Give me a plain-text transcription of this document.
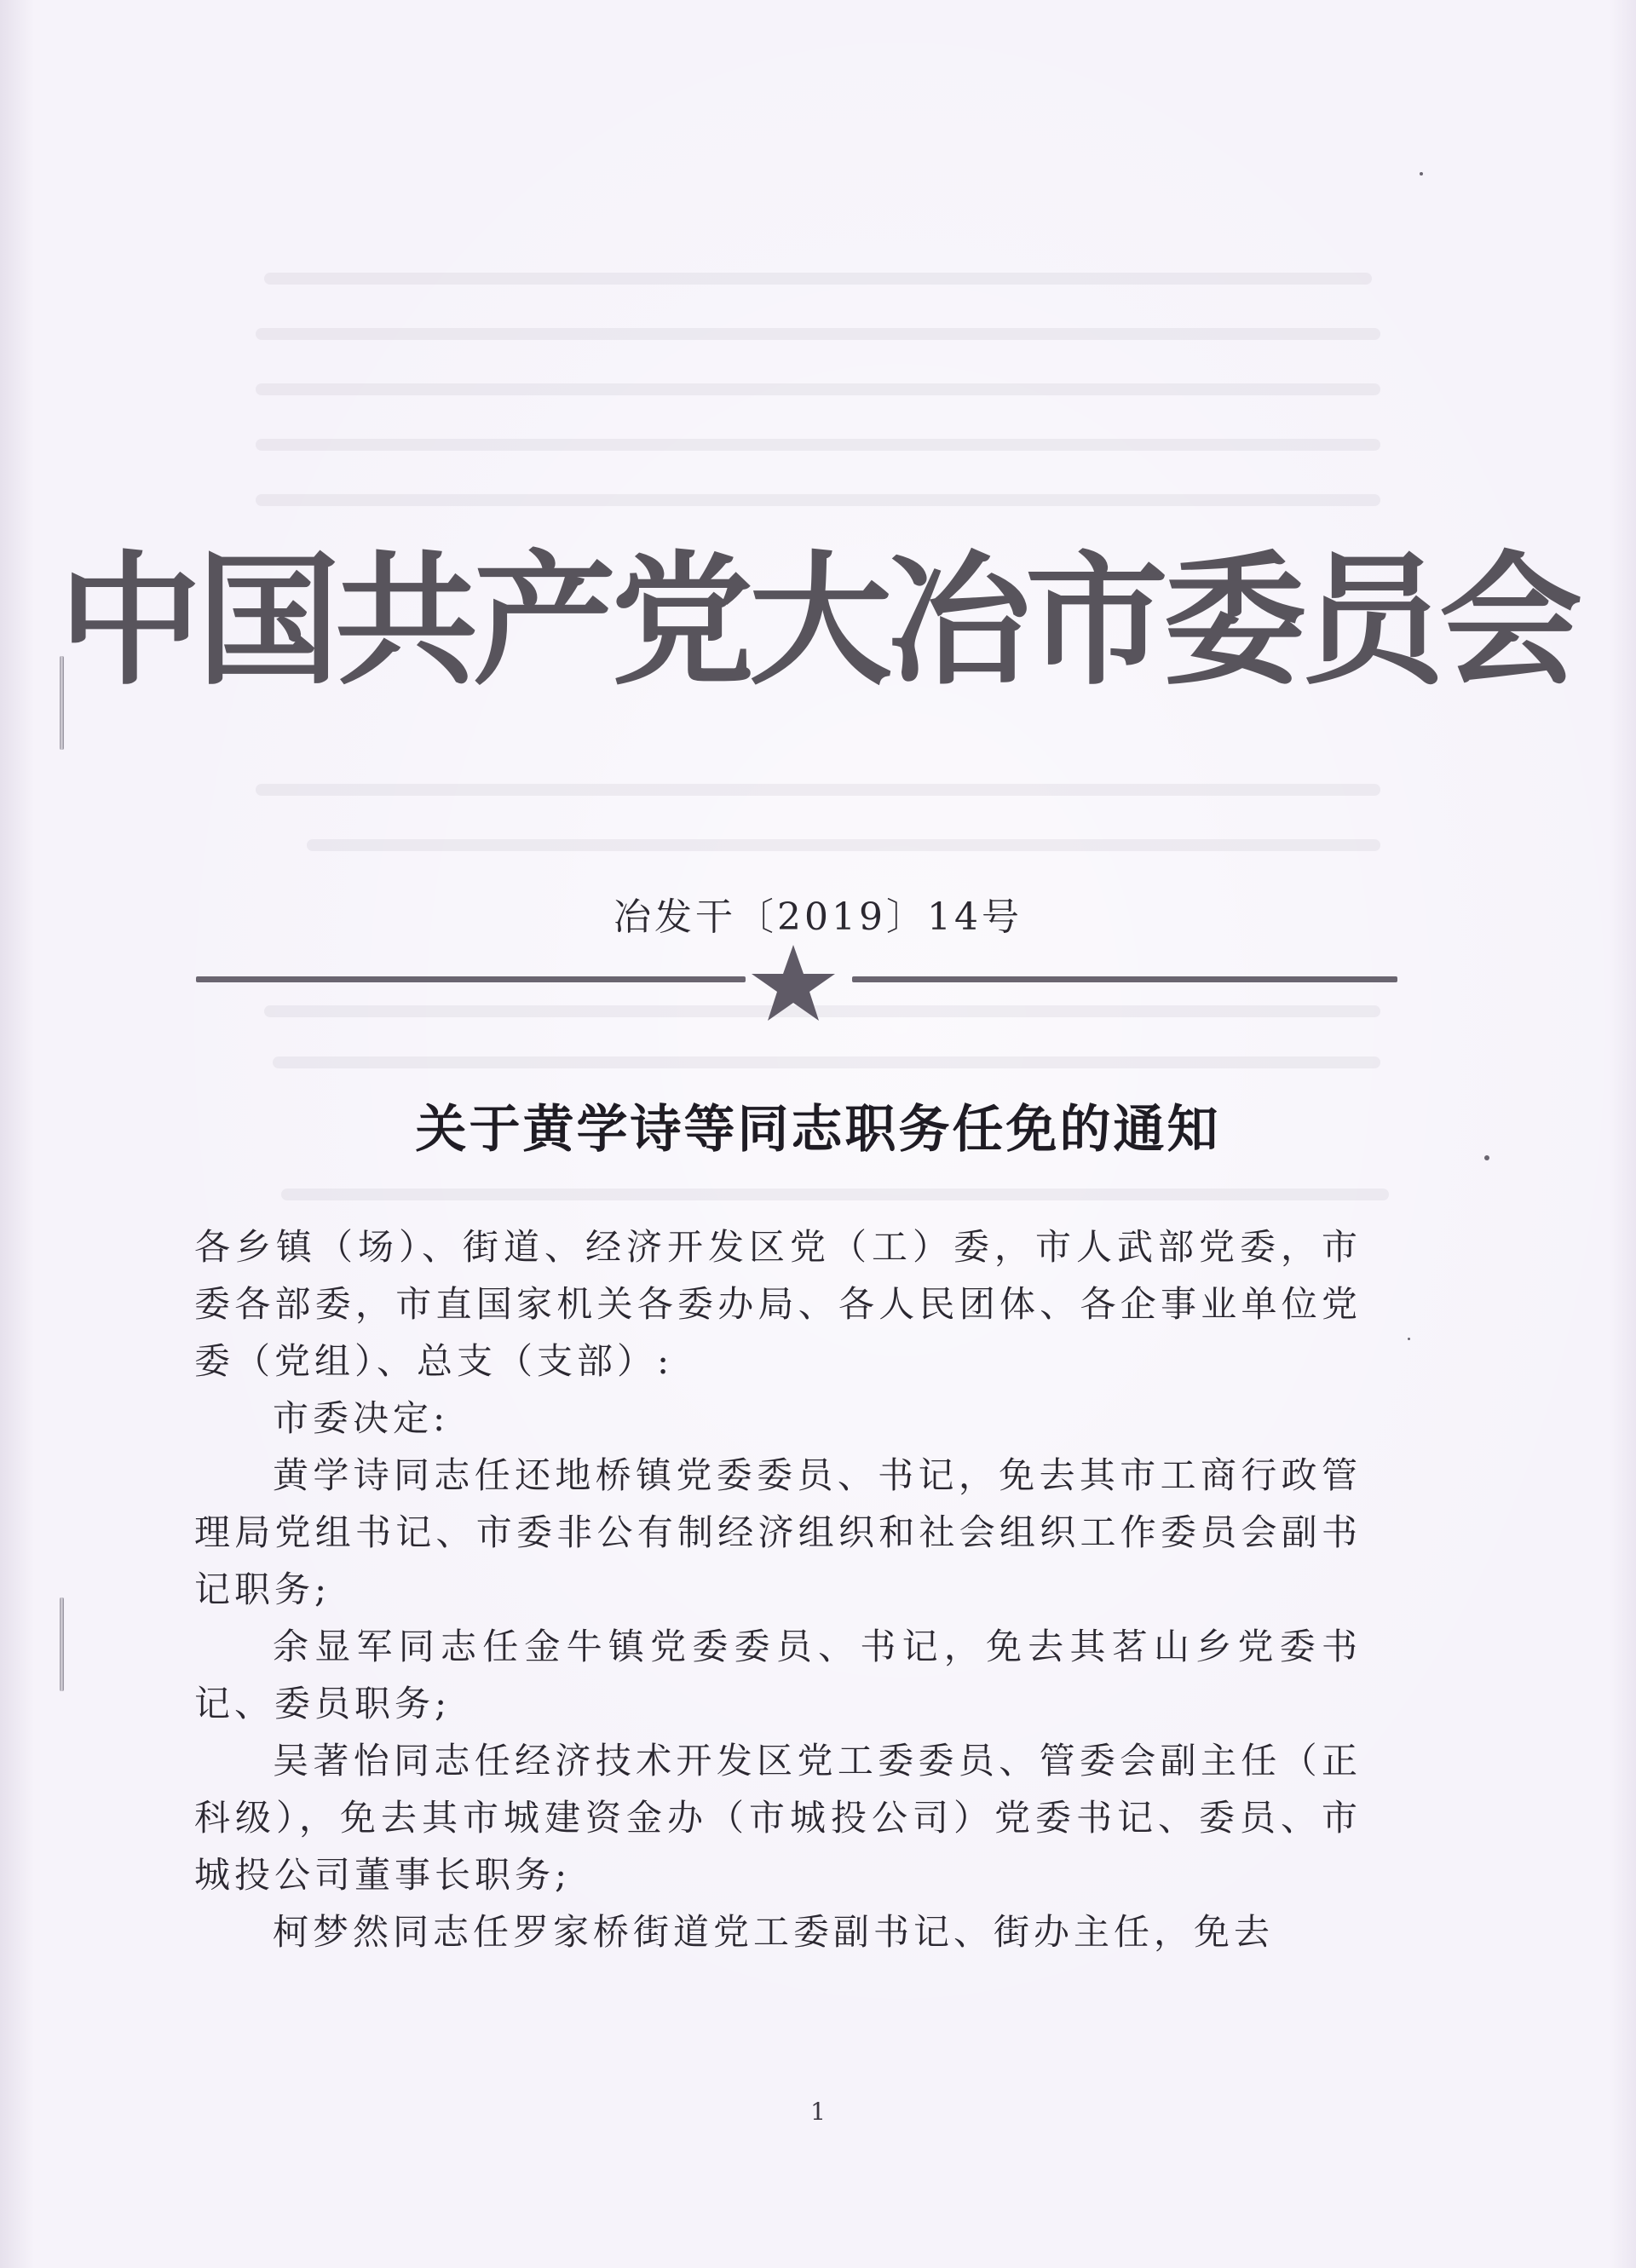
中国共产党大冶市委员会
冶发干〔2019〕14号
关于黄学诗等同志职务任免的通知

各乡镇（场）、街道、经济开发区党（工）委，市人武部党委，市委各部委，市直国家机关各委办局、各人民团体、各企事业单位党委（党组）、总支（支部）:

市委决定:

黄学诗同志任还地桥镇党委委员、书记，免去其市工商行政管理局党组书记、市委非公有制经济组织和社会组织工作委员会副书记职务;

余显军同志任金牛镇党委委员、书记，免去其茗山乡党委书记、委员职务;

吴著怡同志任经济技术开发区党工委委员、管委会副主任（正科级），免去其市城建资金办（市城投公司）党委书记、委员、市城投公司董事长职务;

柯梦然同志任罗家桥街道党工委副书记、街办主任，免去

1
